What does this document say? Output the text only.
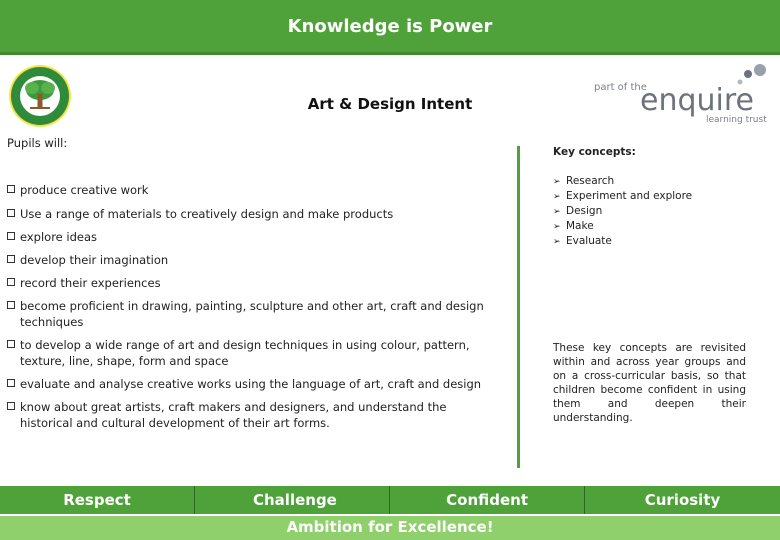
Knowledge is Power
part of the
enquire
learning trust
Art & Design Intent
Pupils will:
produce creative work
Use a range of materials to creatively design and make products
explore ideas
develop their imagination
record their experiences
become proficient in drawing, painting, sculpture and other art, craft and design
techniques
to develop a wide range of art and design techniques in using colour, pattern,
texture, line, shape, form and space
evaluate and analyse creative works using the language of art, craft and design
know about great artists, craft makers and designers, and understand the
historical and cultural development of their art forms.
Key concepts:
➢ Research
➢ Experiment and explore
➢ Design
➢ Make
➢ Evaluate
These key concepts are revisited within and across year groups and on a cross-curricular basis, so that children become confident in using them and deepen their understanding.
Respect	Challenge	Confident	Curiosity
Ambition for Excellence!
